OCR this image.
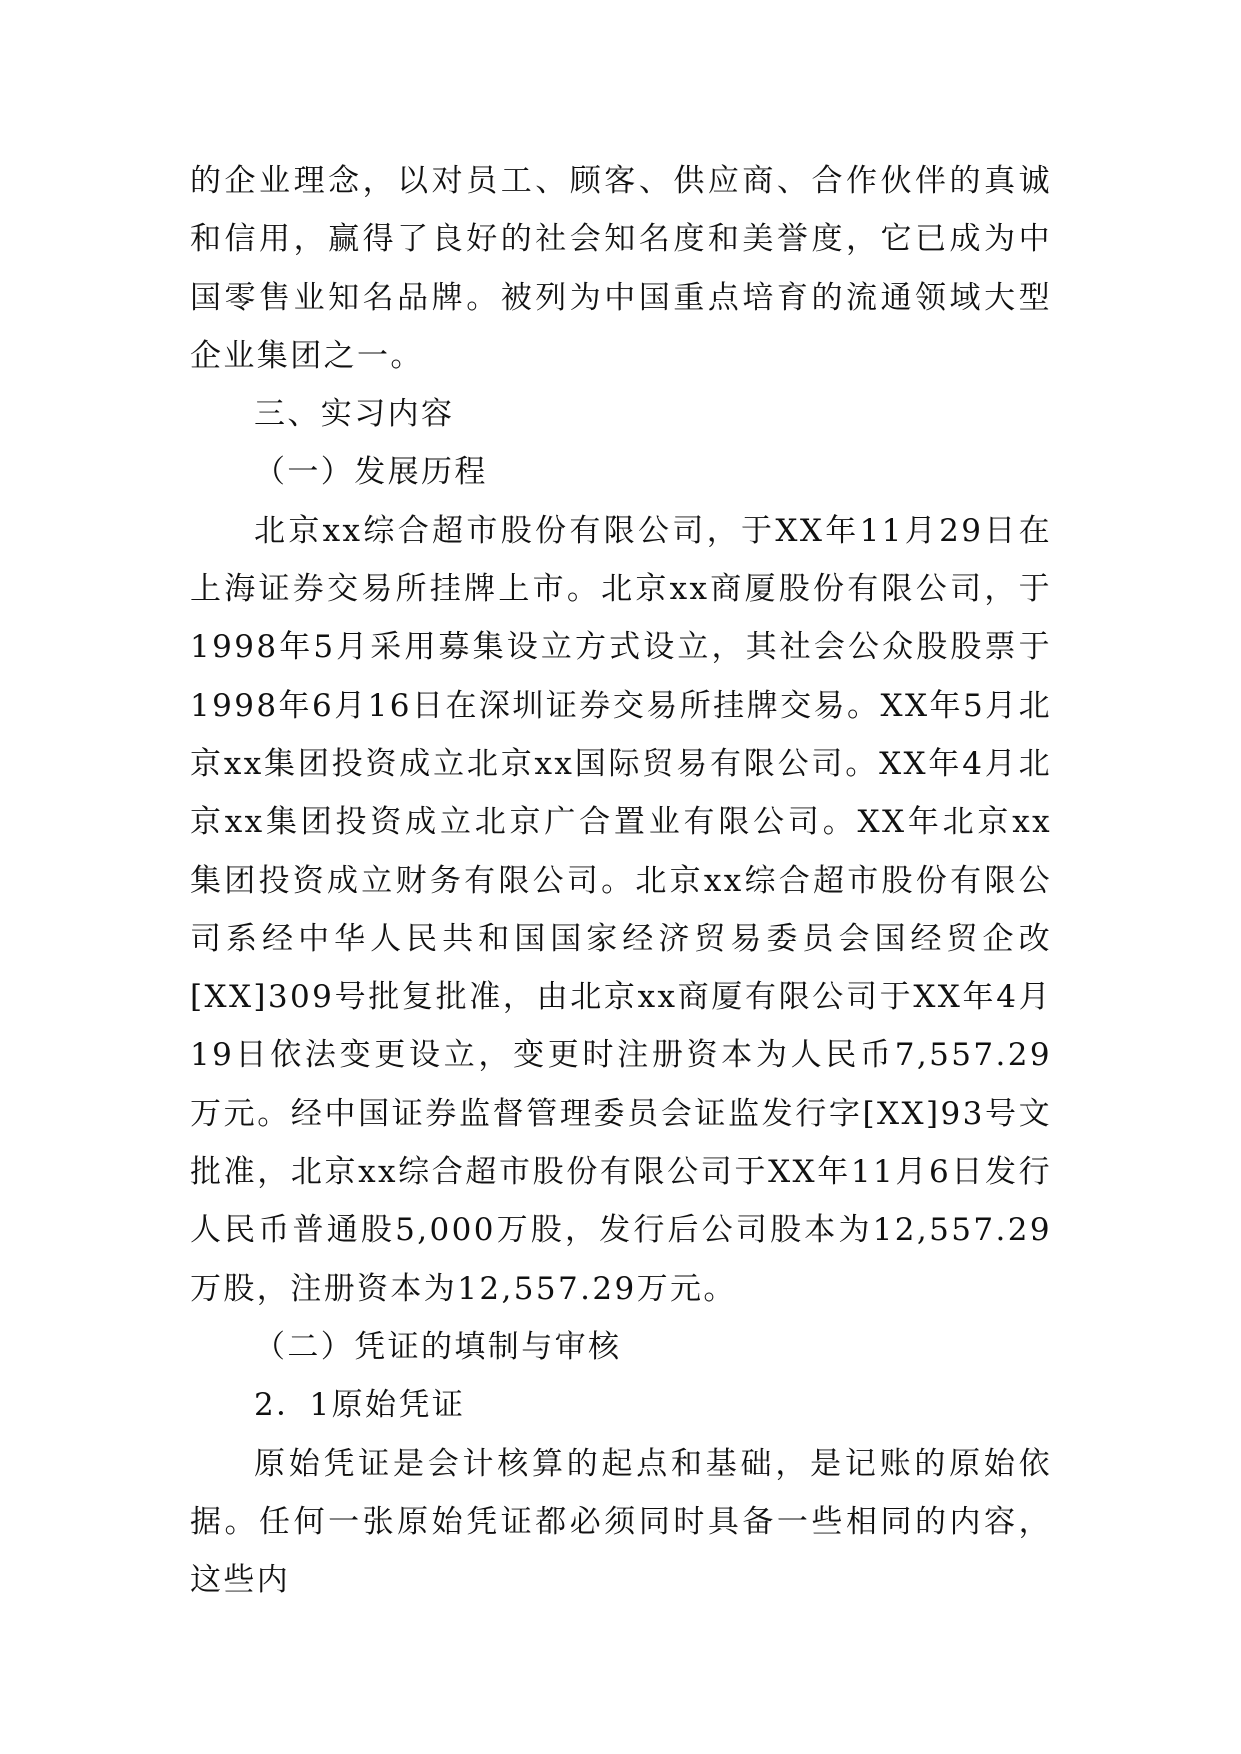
的企业理念，以对员工、顾客、供应商、合作伙伴的真诚和信用，赢得了良好的社会知名度和美誉度，它已成为中国零售业知名品牌。被列为中国重点培育的流通领域大型企业集团之一。

三、实习内容

（一）发展历程

北京xx综合超市股份有限公司，于XX年11月29日在上海证券交易所挂牌上市。北京xx商厦股份有限公司，于1998年5月采用募集设立方式设立，其社会公众股股票于1998年6月16日在深圳证券交易所挂牌交易。XX年5月北京xx集团投资成立北京xx国际贸易有限公司。XX年4月北京xx集团投资成立北京广合置业有限公司。XX年北京xx集团投资成立财务有限公司。北京xx综合超市股份有限公司系经中华人民共和国国家经济贸易委员会国经贸企改[XX]309号批复批准，由北京xx商厦有限公司于XX年4月19日依法变更设立，变更时注册资本为人民币7,557.29万元。经中国证券监督管理委员会证监发行字[XX]93号文批准，北京xx综合超市股份有限公司于XX年11月6日发行人民币普通股5,000万股，发行后公司股本为12,557.29万股，注册资本为12,557.29万元。

（二）凭证的填制与审核

2．1原始凭证

原始凭证是会计核算的起点和基础，是记账的原始依据。任何一张原始凭证都必须同时具备一些相同的内容，这些内
